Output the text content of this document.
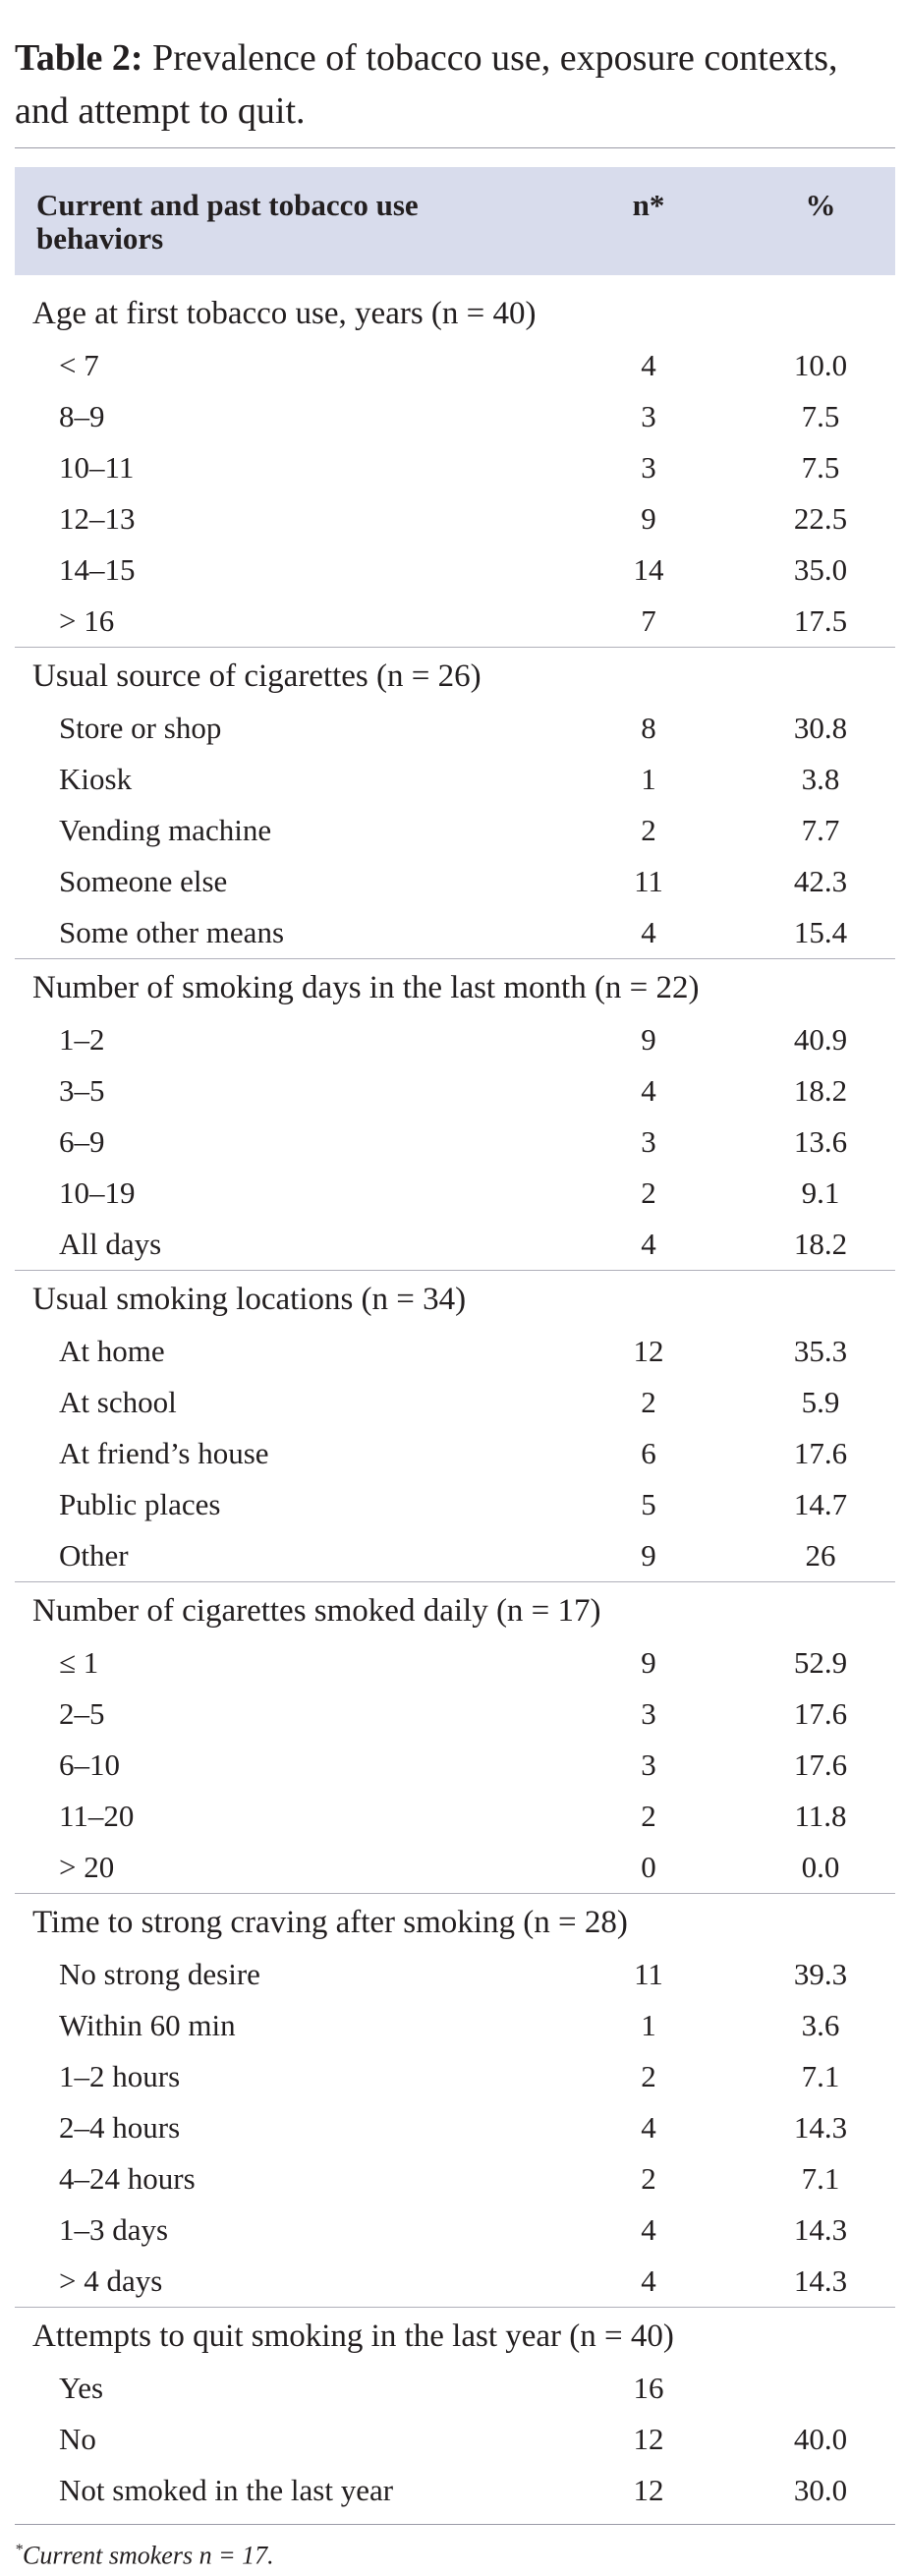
Table 2: Prevalence of tobacco use, exposure contexts, and attempt to quit.
Current and past tobacco use behaviors
n*	%
Age at first tobacco use, years (n = 40)
< 7	4	10.0
8–9	3	7.5
10–11	3	7.5
12–13	9	22.5
14–15	14	35.0
> 16	7	17.5
Usual source of cigarettes (n = 26)
Store or shop	8	30.8
Kiosk	1	3.8
Vending machine	2	7.7
Someone else	11	42.3
Some other means	4	15.4
Number of smoking days in the last month (n = 22)
1–2	9	40.9
3–5	4	18.2
6–9	3	13.6
10–19	2	9.1
All days	4	18.2
Usual smoking locations (n = 34)
At home	12	35.3
At school	2	5.9
At friend’s house	6	17.6
Public places	5	14.7
Other	9	26
Number of cigarettes smoked daily (n = 17)
≤ 1	9	52.9
2–5	3	17.6
6–10	3	17.6
11–20	2	11.8
> 20	0	0.0
Time to strong craving after smoking (n = 28)
No strong desire	11	39.3
Within 60 min	1	3.6
1–2 hours	2	7.1
2–4 hours	4	14.3
4–24 hours	2	7.1
1–3 days	4	14.3
> 4 days	4	14.3
Attempts to quit smoking in the last year (n = 40)
Yes	16
No	12	40.0
Not smoked in the last year	12	30.0
*Current smokers n = 17.
